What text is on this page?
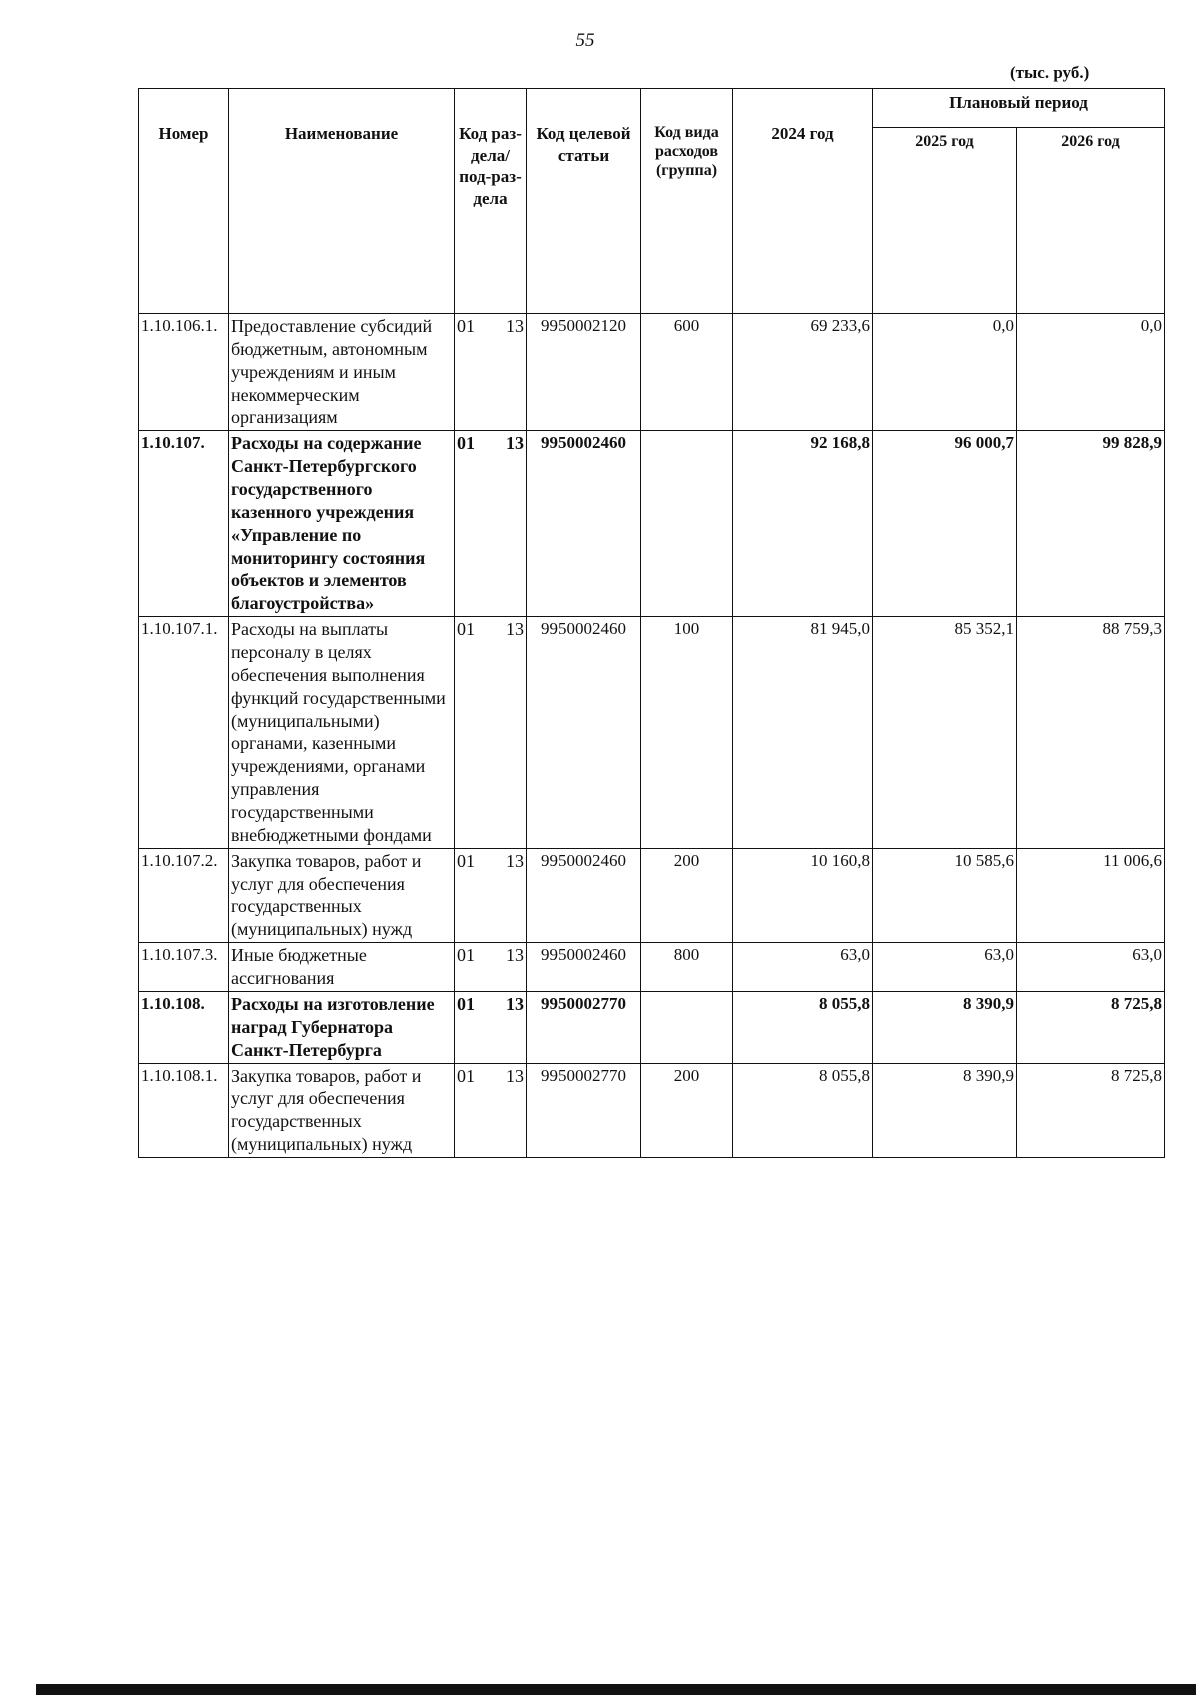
55
(тыс. руб.)
Номер	Наименование	Код раз-дела/ под-раз-дела	Код целевой статьи	Код вида расходов (группа)	2024 год	Плановый период	
						2025 год	2026 год
1.10.106.1.	Предоставление субсидий бюджетным, автономным учреждениям и иным некоммерческим организациям	01 13	9950002120	600	69 233,6	0,0	0,0
1.10.107.	Расходы на содержание Санкт-Петербургского государственного казенного учреждения «Управление по мониторингу состояния объектов и элементов благоустройства»	01 13	9950002460		92 168,8	96 000,7	99 828,9
1.10.107.1.	Расходы на выплаты персоналу в целях обеспечения выполнения функций государственными (муниципальными) органами, казенными учреждениями, органами управления государственными внебюджетными фондами	01 13	9950002460	100	81 945,0	85 352,1	88 759,3
1.10.107.2.	Закупка товаров, работ и услуг для обеспечения государственных (муниципальных) нужд	01 13	9950002460	200	10 160,8	10 585,6	11 006,6
1.10.107.3.	Иные бюджетные ассигнования	01 13	9950002460	800	63,0	63,0	63,0
1.10.108.	Расходы на изготовление наград Губернатора Санкт-Петербурга	01 13	9950002770		8 055,8	8 390,9	8 725,8
1.10.108.1.	Закупка товаров, работ и услуг для обеспечения государственных (муниципальных) нужд	01 13	9950002770	200	8 055,8	8 390,9	8 725,8
